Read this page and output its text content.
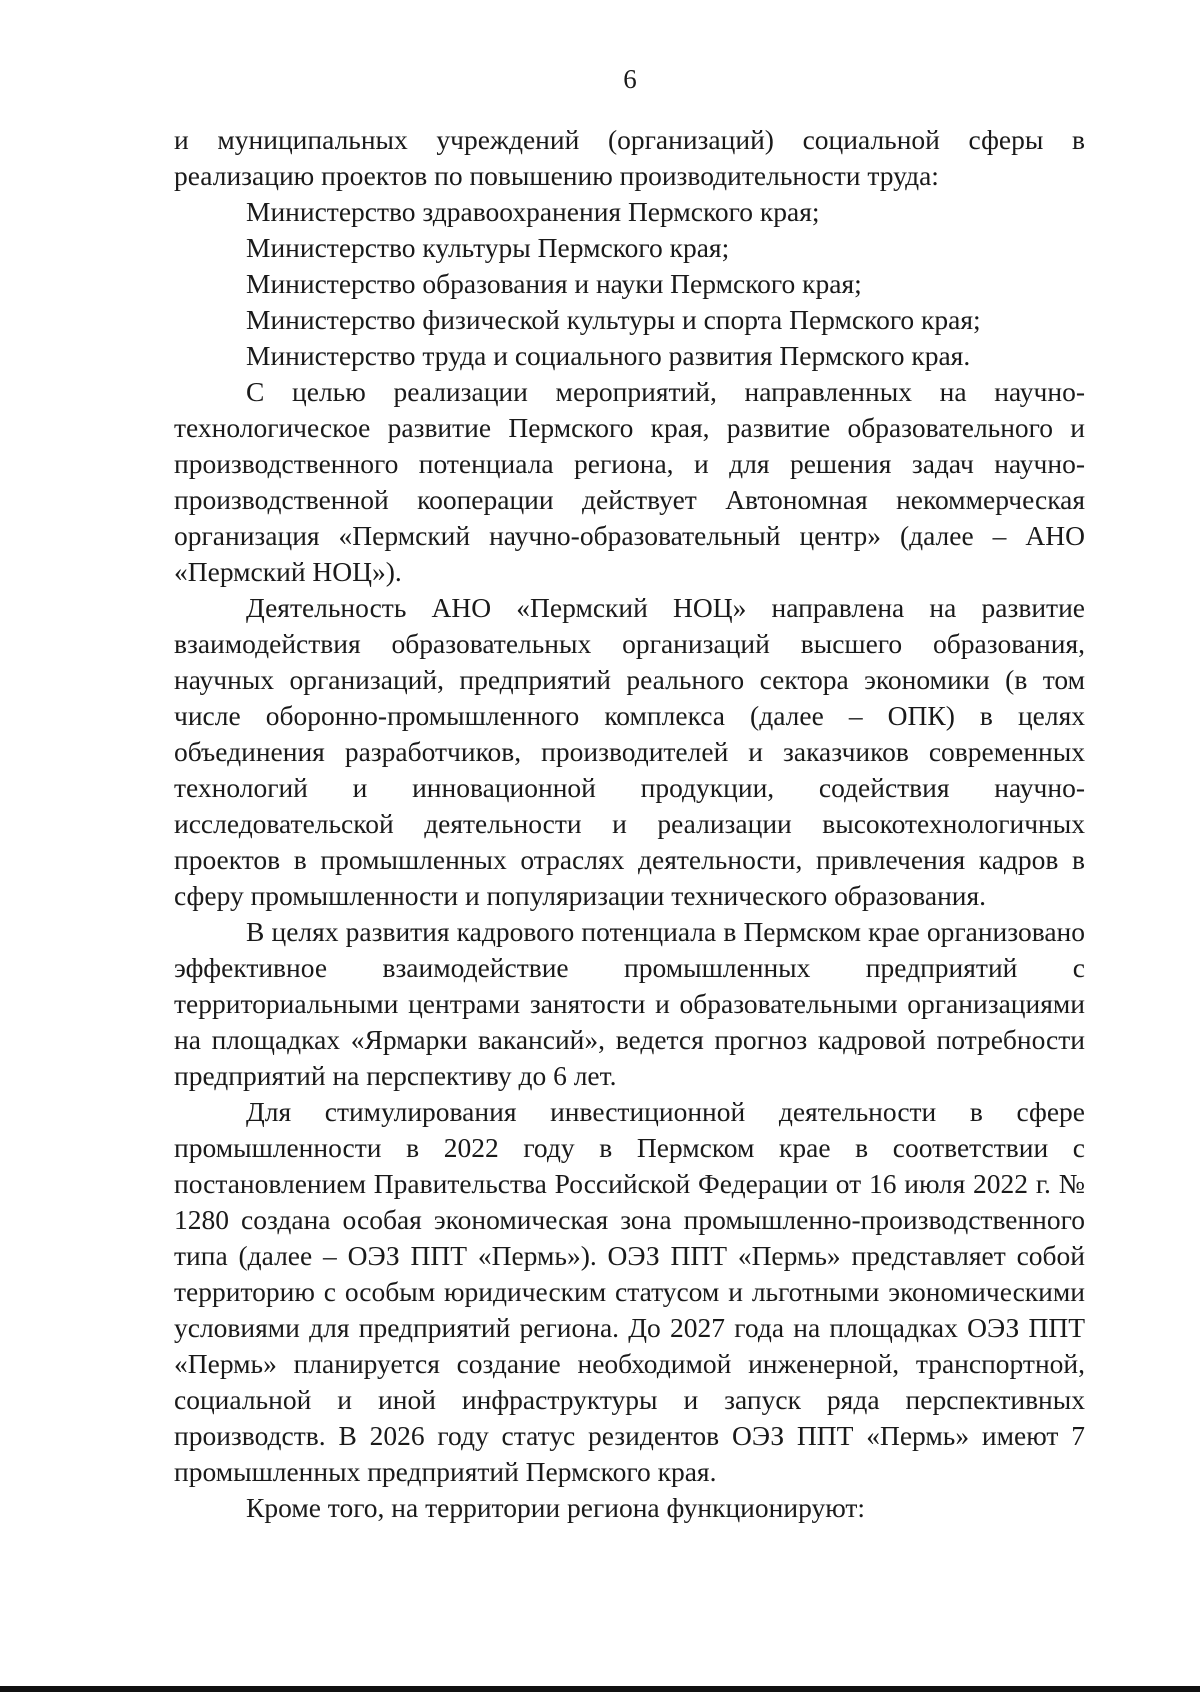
6

и муниципальных учреждений (организаций) социальной сферы в реализацию проектов по повышению производительности труда:

Министерство здравоохранения Пермского края;

Министерство культуры Пермского края;

Министерство образования и науки Пермского края;

Министерство физической культуры и спорта Пермского края;

Министерство труда и социального развития Пермского края.

С целью реализации мероприятий, направленных на научно-технологическое развитие Пермского края, развитие образовательного и производственного потенциала региона, и для решения задач научно-производственной кооперации действует Автономная некоммерческая организация «Пермский научно-образовательный центр» (далее – АНО «Пермский НОЦ»).

Деятельность АНО «Пермский НОЦ» направлена на развитие взаимодействия образовательных организаций высшего образования, научных организаций, предприятий реального сектора экономики (в том числе оборонно-промышленного комплекса (далее – ОПК) в целях объединения разработчиков, производителей и заказчиков современных технологий и инновационной продукции, содействия научно-исследовательской деятельности и реализации высокотехнологичных проектов в промышленных отраслях деятельности, привлечения кадров в сферу промышленности и популяризации технического образования.

В целях развития кадрового потенциала в Пермском крае организовано эффективное взаимодействие промышленных предприятий с территориальными центрами занятости и образовательными организациями на площадках «Ярмарки вакансий», ведется прогноз кадровой потребности предприятий на перспективу до 6 лет.

Для стимулирования инвестиционной деятельности в сфере промышленности в 2022 году в Пермском крае в соответствии с постановлением Правительства Российской Федерации от 16 июля 2022 г. № 1280 создана особая экономическая зона промышленно-производственного типа (далее – ОЭЗ ППТ «Пермь»). ОЭЗ ППТ «Пермь» представляет собой территорию с особым юридическим статусом и льготными экономическими условиями для предприятий региона. До 2027 года на площадках ОЭЗ ППТ «Пермь» планируется создание необходимой инженерной, транспортной, социальной и иной инфраструктуры и запуск ряда перспективных производств. В 2026 году статус резидентов ОЭЗ ППТ «Пермь» имеют 7 промышленных предприятий Пермского края.

Кроме того, на территории региона функционируют:
